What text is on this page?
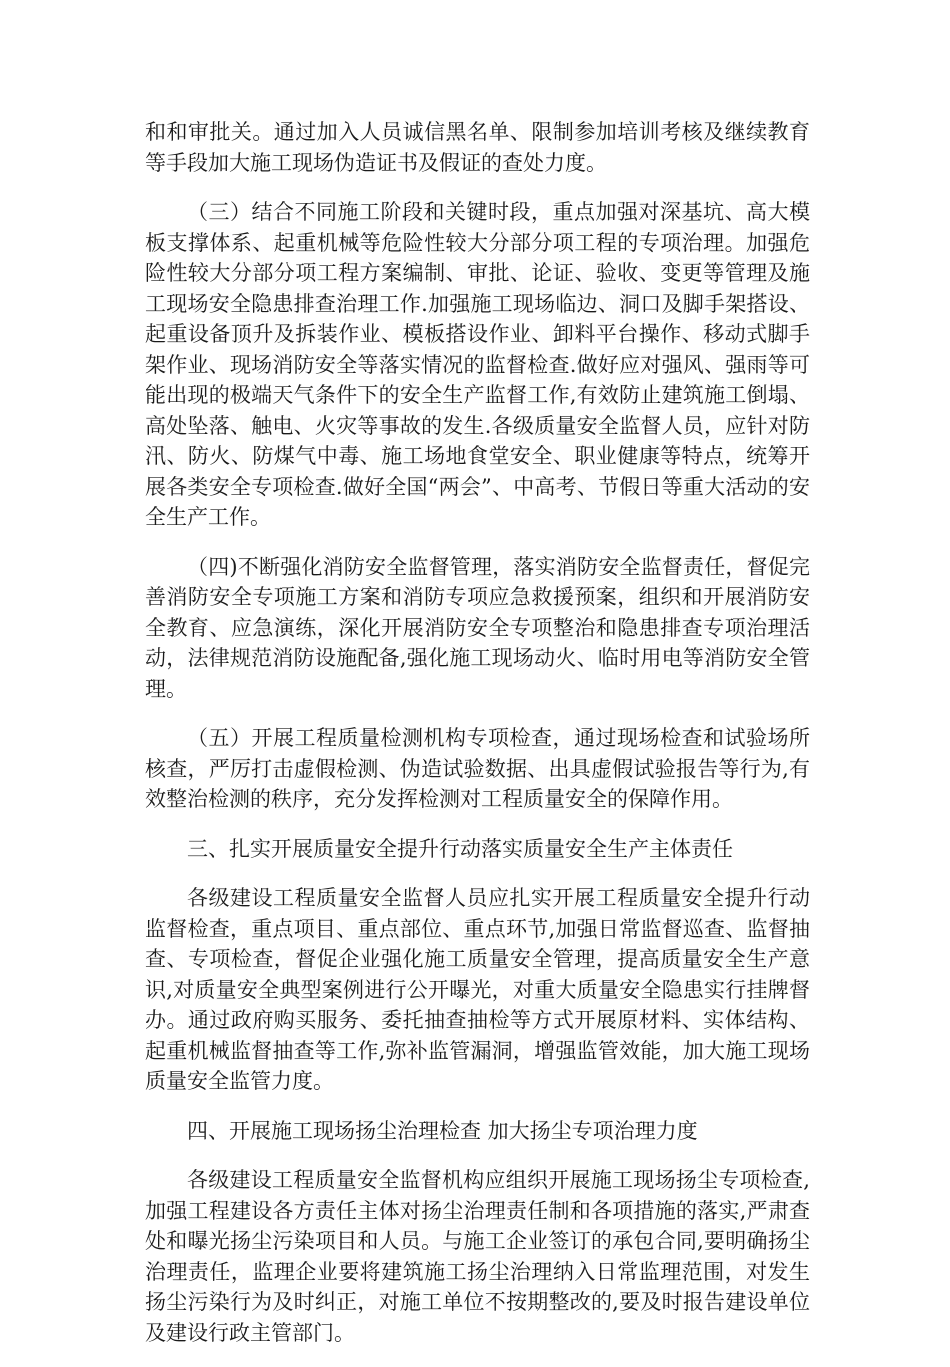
和和审批关。通过加入人员诚信黑名单、限制参加培训考核及继续教育等手段加大施工现场伪造证书及假证的查处力度。

（三）结合不同施工阶段和关键时段，重点加强对深基坑、高大模板支撑体系、起重机械等危险性较大分部分项工程的专项治理。加强危险性较大分部分项工程方案编制、审批、论证、验收、变更等管理及施工现场安全隐患排查治理工作.加强施工现场临边、洞口及脚手架搭设、起重设备顶升及拆装作业、模板搭设作业、卸料平台操作、移动式脚手架作业、现场消防安全等落实情况的监督检查.做好应对强风、强雨等可能出现的极端天气条件下的安全生产监督工作,有效防止建筑施工倒塌、高处坠落、触电、火灾等事故的发生.各级质量安全监督人员，应针对防汛、防火、防煤气中毒、施工场地食堂安全、职业健康等特点，统筹开展各类安全专项检查.做好全国“两会”、中高考、节假日等重大活动的安全生产工作。

（四)不断强化消防安全监督管理，落实消防安全监督责任，督促完善消防安全专项施工方案和消防专项应急救援预案，组织和开展消防安全教育、应急演练，深化开展消防安全专项整治和隐患排查专项治理活动，法律规范消防设施配备,强化施工现场动火、临时用电等消防安全管理。

（五）开展工程质量检测机构专项检查，通过现场检查和试验场所核查，严厉打击虚假检测、伪造试验数据、出具虚假试验报告等行为,有效整治检测的秩序，充分发挥检测对工程质量安全的保障作用。

三、扎实开展质量安全提升行动落实质量安全生产主体责任

各级建设工程质量安全监督人员应扎实开展工程质量安全提升行动监督检查，重点项目、重点部位、重点环节,加强日常监督巡查、监督抽查、专项检查，督促企业强化施工质量安全管理，提高质量安全生产意识,对质量安全典型案例进行公开曝光，对重大质量安全隐患实行挂牌督办。通过政府购买服务、委托抽查抽检等方式开展原材料、实体结构、起重机械监督抽查等工作,弥补监管漏洞，增强监管效能，加大施工现场质量安全监管力度。

四、开展施工现场扬尘治理检查 加大扬尘专项治理力度

各级建设工程质量安全监督机构应组织开展施工现场扬尘专项检查,加强工程建设各方责任主体对扬尘治理责任制和各项措施的落实,严肃查处和曝光扬尘污染项目和人员。与施工企业签订的承包合同,要明确扬尘治理责任，监理企业要将建筑施工扬尘治理纳入日常监理范围，对发生扬尘污染行为及时纠正，对施工单位不按期整改的,要及时报告建设单位及建设行政主管部门。
